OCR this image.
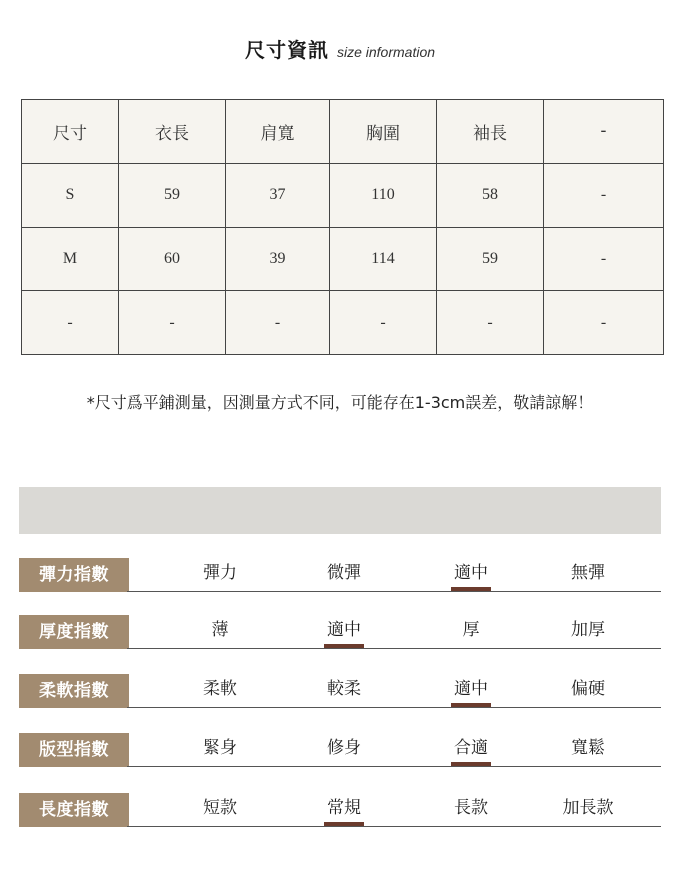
尺寸資訊 size information
尺寸	衣長	肩寬	胸圍	袖長	-
S	59	37	110	58	-
M	60	39	114	59	-
-	-	-	-	-	-
*尺寸爲平鋪測量，因測量方式不同，可能存在1-3cm誤差，敬請諒解！
彈力指數	彈力	微彈	適中	無彈
厚度指數	薄	適中	厚	加厚
柔軟指數	柔軟	較柔	適中	偏硬
版型指數	緊身	修身	合適	寬鬆
長度指數	短款	常規	長款	加長款
